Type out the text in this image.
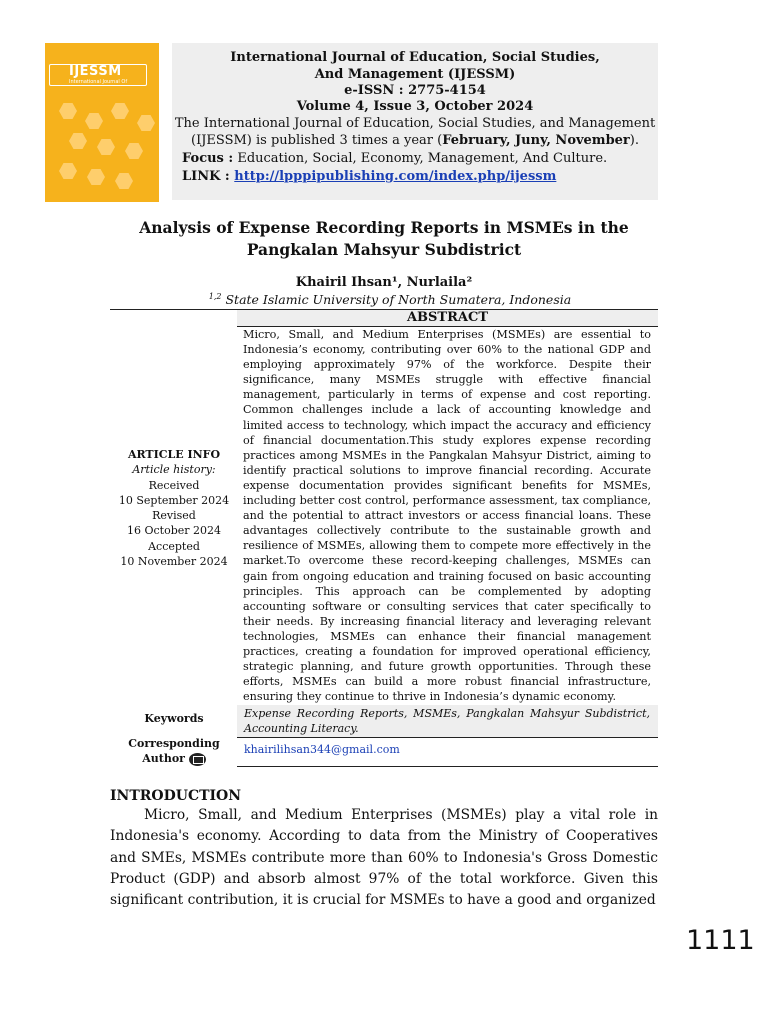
IJESSM
International Journal Of
International Journal of Education, Social Studies,
And Management (IJESSM)
e-ISSN : 2775-4154
Volume 4, Issue 3, October 2024
The International Journal of Education, Social Studies, and Management
(IJESSM) is published 3 times a year (February, Juny, November).
Focus : Education, Social, Economy, Management, And Culture.
LINK : http://lpppipublishing.com/index.php/ijessm
Analysis of Expense Recording Reports in MSMEs in the
Pangkalan Mahsyur Subdistrict
Khairil Ihsan¹, Nurlaila²
$^{1,2}$ State Islamic University of North Sumatera, Indonesia
ABSTRACT
Micro, Small, and Medium Enterprises (MSMEs) are essential to Indonesia’s economy, contributing over 60% to the national GDP and employing approximately 97% of the workforce. Despite their significance, many MSMEs struggle with effective financial management, particularly in terms of expense and cost reporting. Common challenges include a lack of accounting knowledge and limited access to technology, which impact the accuracy and efficiency of financial documentation.This study explores expense recording practices among MSMEs in the Pangkalan Mahsyur District, aiming to identify practical solutions to improve financial recording. Accurate expense documentation provides significant benefits for MSMEs, including better cost control, performance assessment, tax compliance, and the potential to attract investors or access financial loans. These advantages collectively contribute to the sustainable growth and resilience of MSMEs, allowing them to compete more effectively in the market.To overcome these record-keeping challenges, MSMEs can gain from ongoing education and training focused on basic accounting principles. This approach can be complemented by adopting accounting software or consulting services that cater specifically to their needs. By increasing financial literacy and leveraging relevant technologies, MSMEs can enhance their financial management practices, creating a foundation for improved operational efficiency, strategic planning, and future growth opportunities. Through these efforts, MSMEs can build a more robust financial infrastructure, ensuring they continue to thrive in Indonesia’s dynamic economy.
ARTICLE INFO
Article history:
Received
10 September 2024
Revised
16 October 2024
Accepted
10 November 2024
Keywords	Expense Recording Reports, MSMEs, Pangkalan Mahsyur Subdistrict, Accounting Literacy.
Corresponding
Author
khairilihsan344@gmail.com
INTRODUCTION
Micro, Small, and Medium Enterprises (MSMEs) play a vital role in Indonesia's economy. According to data from the Ministry of Cooperatives and SMEs, MSMEs contribute more than 60% to Indonesia's Gross Domestic Product (GDP) and absorb almost 97% of the total workforce. Given this significant contribution, it is crucial for MSMEs to have a good and organized
1111
